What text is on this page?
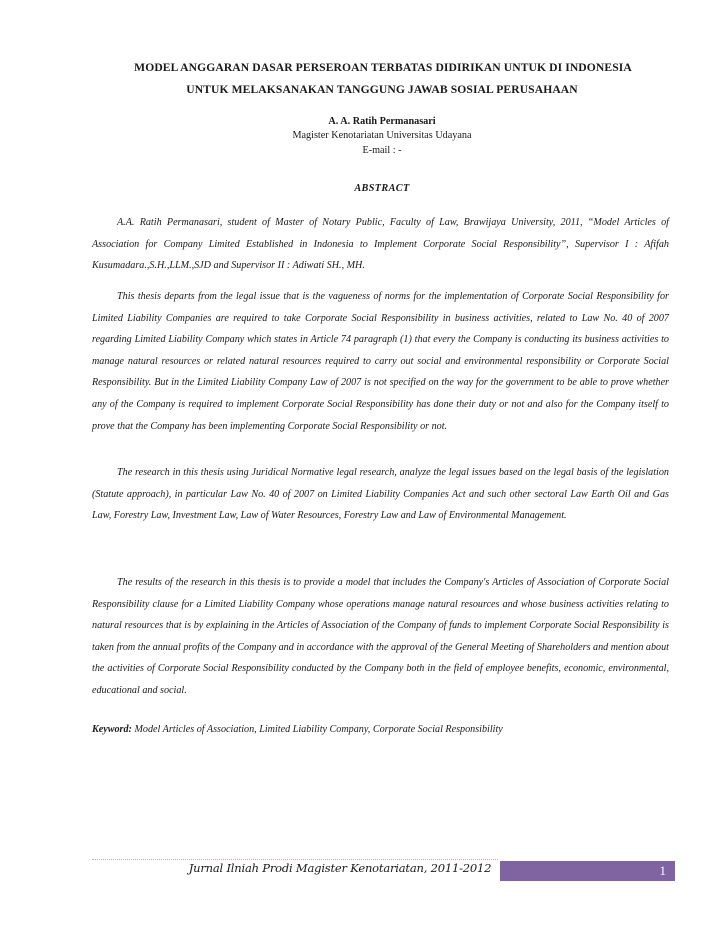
MODEL ANGGARAN DASAR PERSEROAN TERBATAS DIDIRIKAN UNTUK DI INDONESIA
UNTUK MELAKSANAKAN TANGGUNG JAWAB SOSIAL PERUSAHAAN
A. A. Ratih Permanasari
Magister Kenotariatan Universitas Udayana
E-mail : -
ABSTRACT

A.A. Ratih Permanasari, student of Master of Notary Public, Faculty of Law, Brawijaya University, 2011, “Model Articles of Association for Company Limited Established in Indonesia to Implement Corporate Social Responsibility”, Supervisor I : Afifah Kusumadara.,S.H.,LLM.,SJD and Supervisor II : Adiwati SH., MH.

This thesis departs from the legal issue that is the vagueness of norms for the implementation of Corporate Social Responsibility for Limited Liability Companies are required to take Corporate Social Responsibility in business activities, related to Law No. 40 of 2007 regarding Limited Liability Company which states in Article 74 paragraph (1) that every the Company is conducting its business activities to manage natural resources or related natural resources required to carry out social and environmental responsibility or Corporate Social Responsibility. But in the Limited Liability Company Law of 2007 is not specified on the way for the government to be able to prove whether any of the Company is required to implement Corporate Social Responsibility has done their duty or not and also for the Company itself to prove that the Company has been implementing Corporate Social Responsibility or not.

The research in this thesis using Juridical Normative legal research, analyze the legal issues based on the legal basis of the legislation (Statute approach), in particular Law No. 40 of 2007 on Limited Liability Companies Act and such other sectoral Law Earth Oil and Gas Law, Forestry Law, Investment Law, Law of Water Resources, Forestry Law and Law of Environmental Management.

The results of the research in this thesis is to provide a model that includes the Company's Articles of Association of Corporate Social Responsibility clause for a Limited Liability Company whose operations manage natural resources and whose business activities relating to natural resources that is by explaining in the Articles of Association of the Company of funds to implement Corporate Social Responsibility is taken from the annual profits of the Company and in accordance with the approval of the General Meeting of Shareholders and mention about the activities of Corporate Social Responsibility conducted by the Company both in the field of employee benefits, economic, environmental, educational and social.

Keyword: Model Articles of Association, Limited Liability Company, Corporate Social Responsibility
Jurnal Ilniah Prodi Magister Kenotariatan, 2011-2012	1
